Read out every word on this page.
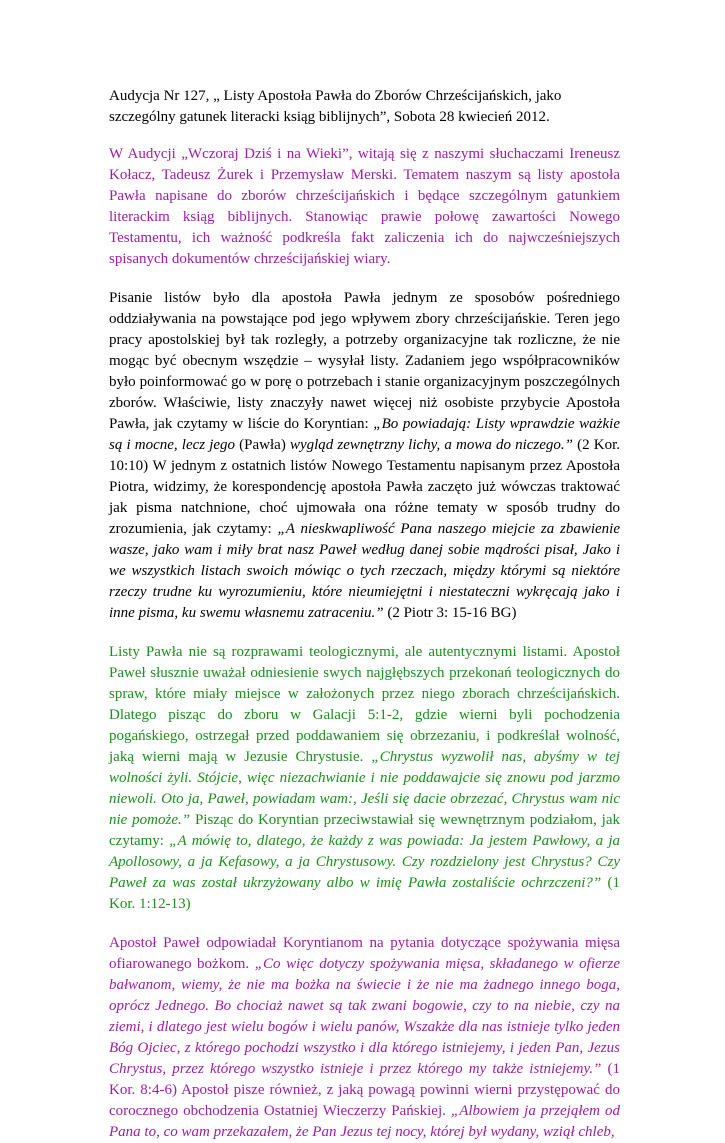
Audycja Nr 127, „ Listy Apostoła Pawła do Zborów Chrześcijańskich, jako szczególny gatunek literacki ksiąg biblijnych”, Sobota 28 kwiecień 2012.

W Audycji „Wczoraj Dziś i na Wieki”, witają się z naszymi słuchaczami Ireneusz Kołacz, Tadeusz Żurek i Przemysław Merski. Tematem naszym są listy apostoła Pawła napisane do zborów chrześcijańskich i będące szczególnym gatunkiem literackim ksiąg biblijnych. Stanowiąc prawie połowę zawartości Nowego Testamentu, ich ważność podkreśla fakt zaliczenia ich do najwcześniejszych spisanych dokumentów chrześcijańskiej wiary.

Pisanie listów było dla apostoła Pawła jednym ze sposobów pośredniego oddziaływania na powstające pod jego wpływem zbory chrześcijańskie. Teren jego pracy apostolskiej był tak rozległy, a potrzeby organizacyjne tak rozliczne, że nie mogąc być obecnym wszędzie – wysyłał listy. Zadaniem jego współpracowników było poinformować go w porę o potrzebach i stanie organizacyjnym poszczególnych zborów. Właściwie, listy znaczyły nawet więcej niż osobiste przybycie Apostoła Pawła, jak czytamy w liście do Koryntian: „Bo powiadają: Listy wprawdzie ważkie są i mocne, lecz jego (Pawła) wygląd zewnętrzny lichy, a mowa do niczego.” (2 Kor. 10:10) W jednym z ostatnich listów Nowego Testamentu napisanym przez Apostoła Piotra, widzimy, że korespondencję apostoła Pawła zaczęto już wówczas traktować jak pisma natchnione, choć ujmowała ona różne tematy w sposób trudny do zrozumienia, jak czytamy: „A nieskwapliwość Pana naszego miejcie za zbawienie wasze, jako wam i miły brat nasz Paweł według danej sobie mądrości pisał, Jako i we wszystkich listach swoich mówiąc o tych rzeczach, między którymi są niektóre rzeczy trudne ku wyrozumieniu, które nieumiejętni i niestateczni wykręcają jako i inne pisma, ku swemu własnemu zatraceniu.” (2 Piotr 3: 15-16 BG)

Listy Pawła nie są rozprawami teologicznymi, ale autentycznymi listami. Apostoł Paweł słusznie uważał odniesienie swych najgłębszych przekonań teologicznych do spraw, które miały miejsce w założonych przez niego zborach chrześcijańskich. Dlatego pisząc do zboru w Galacji 5:1-2, gdzie wierni byli pochodzenia pogańskiego, ostrzegał przed poddawaniem się obrzezaniu, i podkreślał wolność, jaką wierni mają w Jezusie Chrystusie. „Chrystus wyzwolił nas, abyśmy w tej wolności żyli. Stójcie, więc niezachwianie i nie poddawajcie się znowu pod jarzmo niewoli. Oto ja, Paweł, powiadam wam:, Jeśli się dacie obrzezać, Chrystus wam nic nie pomoże.” Pisząc do Koryntian przeciwstawiał się wewnętrznym podziałom, jak czytamy: „A mówię to, dlatego, że każdy z was powiada: Ja jestem Pawłowy, a ja Apollosowy, a ja Kefasowy, a ja Chrystusowy. Czy rozdzielony jest Chrystus? Czy Paweł za was został ukrzyżowany albo w imię Pawła zostaliście ochrzczeni?” (1 Kor. 1:12-13)

Apostoł Paweł odpowiadał Koryntianom na pytania dotyczące spożywania mięsa ofiarowanego bożkom. „Co więc dotyczy spożywania mięsa, składanego w ofierze bałwanom, wiemy, że nie ma bożka na świecie i że nie ma żadnego innego boga, oprócz Jednego. Bo chociaż nawet są tak zwani bogowie, czy to na niebie, czy na ziemi, i dlatego jest wielu bogów i wielu panów, Wszakże dla nas istnieje tylko jeden Bóg Ojciec, z którego pochodzi wszystko i dla którego istniejemy, i jeden Pan, Jezus Chrystus, przez którego wszystko istnieje i przez którego my także istniejemy.” (1 Kor. 8:4-6) Apostoł pisze również, z jaką powagą powinni wierni przystępować do corocznego obchodzenia Ostatniej Wieczerzy Pańskiej. „Albowiem ja przejąłem od Pana to, co wam przekazałem, że Pan Jezus tej nocy, której był wydany, wziął chleb,
